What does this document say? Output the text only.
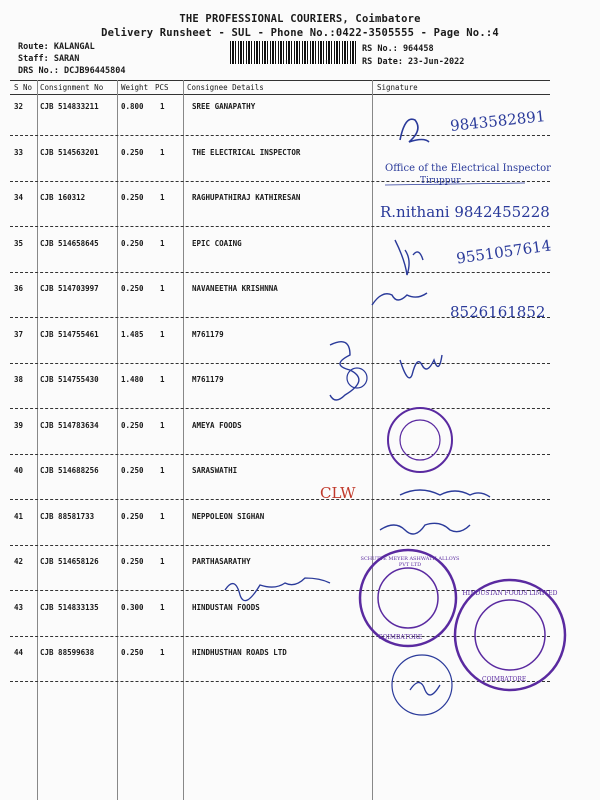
THE PROFESSIONAL COURIERS, Coimbatore
Delivery Runsheet - SUL - Phone No.:0422-3505555 - Page No.:4
Route: KALANGAL
Staff: SARAN
DRS No.: DCJB96445804
RS No.: 964458
RS Date: 23-Jun-2022
S No Consignment No Weight PCS Consignee Details	Signature
32 CJB 514833211	0.800 1	SREE GANAPATHY
33 CJB 514563201	0.250 1	THE ELECTRICAL INSPECTOR
34 CJB 160312	0.250 1	RAGHUPATHIRAJ KATHIRESAN
35 CJB 514658645	0.250 1	EPIC COAING
36 CJB 514703997	0.250 1	NAVANEETHA KRISHNNA
37 CJB 514755461	1.485 1	M761179
38 CJB 514755430	1.480 1	M761179
39 CJB 514783634	0.250 1	AMEYA FOODS
40 CJB 514688256	0.250 1	SARASWATHI
41 CJB 88581733	0.250 1	NEPPOLEON SIGHAN
42 CJB 514658126	0.250 1	PARTHASARATHY
43 CJB 514833135	0.300 1	HINDUSTAN FOODS
44 CJB 88599638	0.250 1	HINDHUSTHAN ROADS LTD
9843582891
Office of the Electrical Inspector
Tiruppur
R.nithani 9842455228
9551057614
8526161852
CLW
SCHUTTE MEYER ASHWATH ALLOYS PVT LTD
COIMBATORE
HINDUSTAN FOODS LIMITED
COIMBATORE
